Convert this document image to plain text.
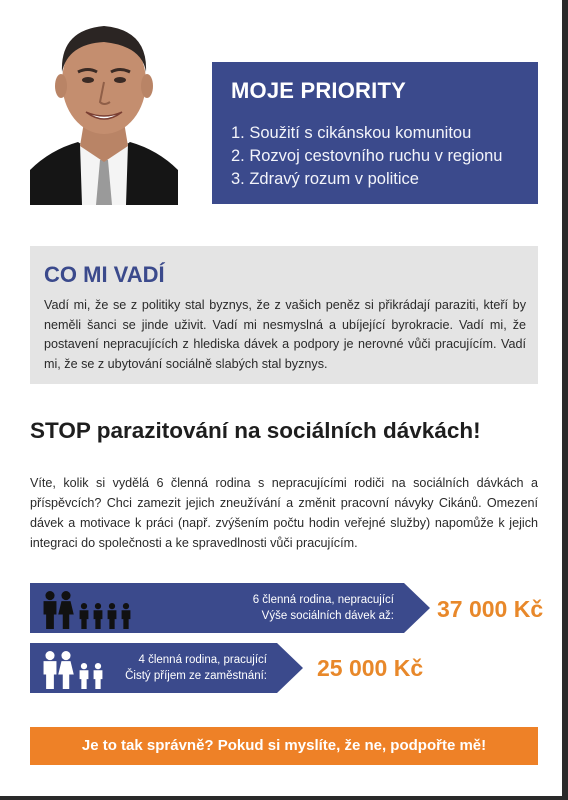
MOJE PRIORITY
1. Soužití s cikánskou komunitou
2. Rozvoj cestovního ruchu v regionu
3. Zdravý rozum v politice
CO MI VADÍ

Vadí mi, že se z politiky stal byznys, že z vašich peněz si přikrádají paraziti, kteří by neměli šanci se jinde uživit. Vadí mi nesmyslná a ubíjející byrokracie. Vadí mi, že postavení nepracujících z hlediska dávek a podpory je nerovné vůči pracujícím. Vadí mi, že se z ubytování sociálně slabých stal byznys.

STOP parazitování na sociálních dávkách!

Víte, kolik si vydělá 6 členná rodina s nepracujícími rodiči na sociálních dávkách a příspěvcích? Chci zamezit jejich zneužívání a změnit pracovní návyky Cikánů. Omezení dávek a motivace k práci (např. zvýšením počtu hodin veřejné služby) napomůže k jejich integraci do společnosti a ke spravedlnosti vůči pracujícím.

6 členná rodina, nepracující
Výše sociálních dávek až: 37 000 Kč
4 členná rodina, pracující
Čistý příjem ze zaměstnání: 25 000 Kč
Je to tak správně? Pokud si myslíte, že ne, podpořte mě!
